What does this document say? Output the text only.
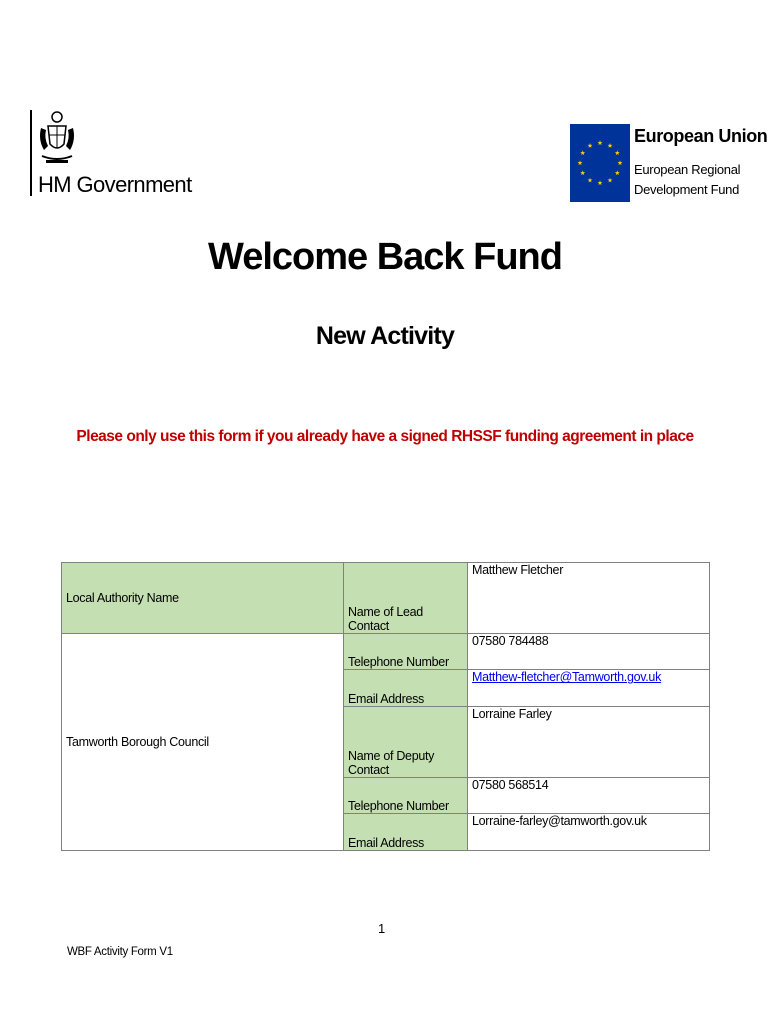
HM Government
European Union
European Regional
Development Fund
Welcome Back Fund
New Activity
Please only use this form if you already have a signed RHSSF funding agreement in place
Local Authority Name	Name of Lead Contact	Matthew Fletcher
Tamworth Borough Council	Telephone Number	07580 784488
	Email Address	Matthew-fletcher@Tamworth.gov.uk
	Name of Deputy Contact	Lorraine Farley
	Telephone Number	07580 568514
	Email Address	Lorraine-farley@tamworth.gov.uk
1
WBF Activity Form V1
